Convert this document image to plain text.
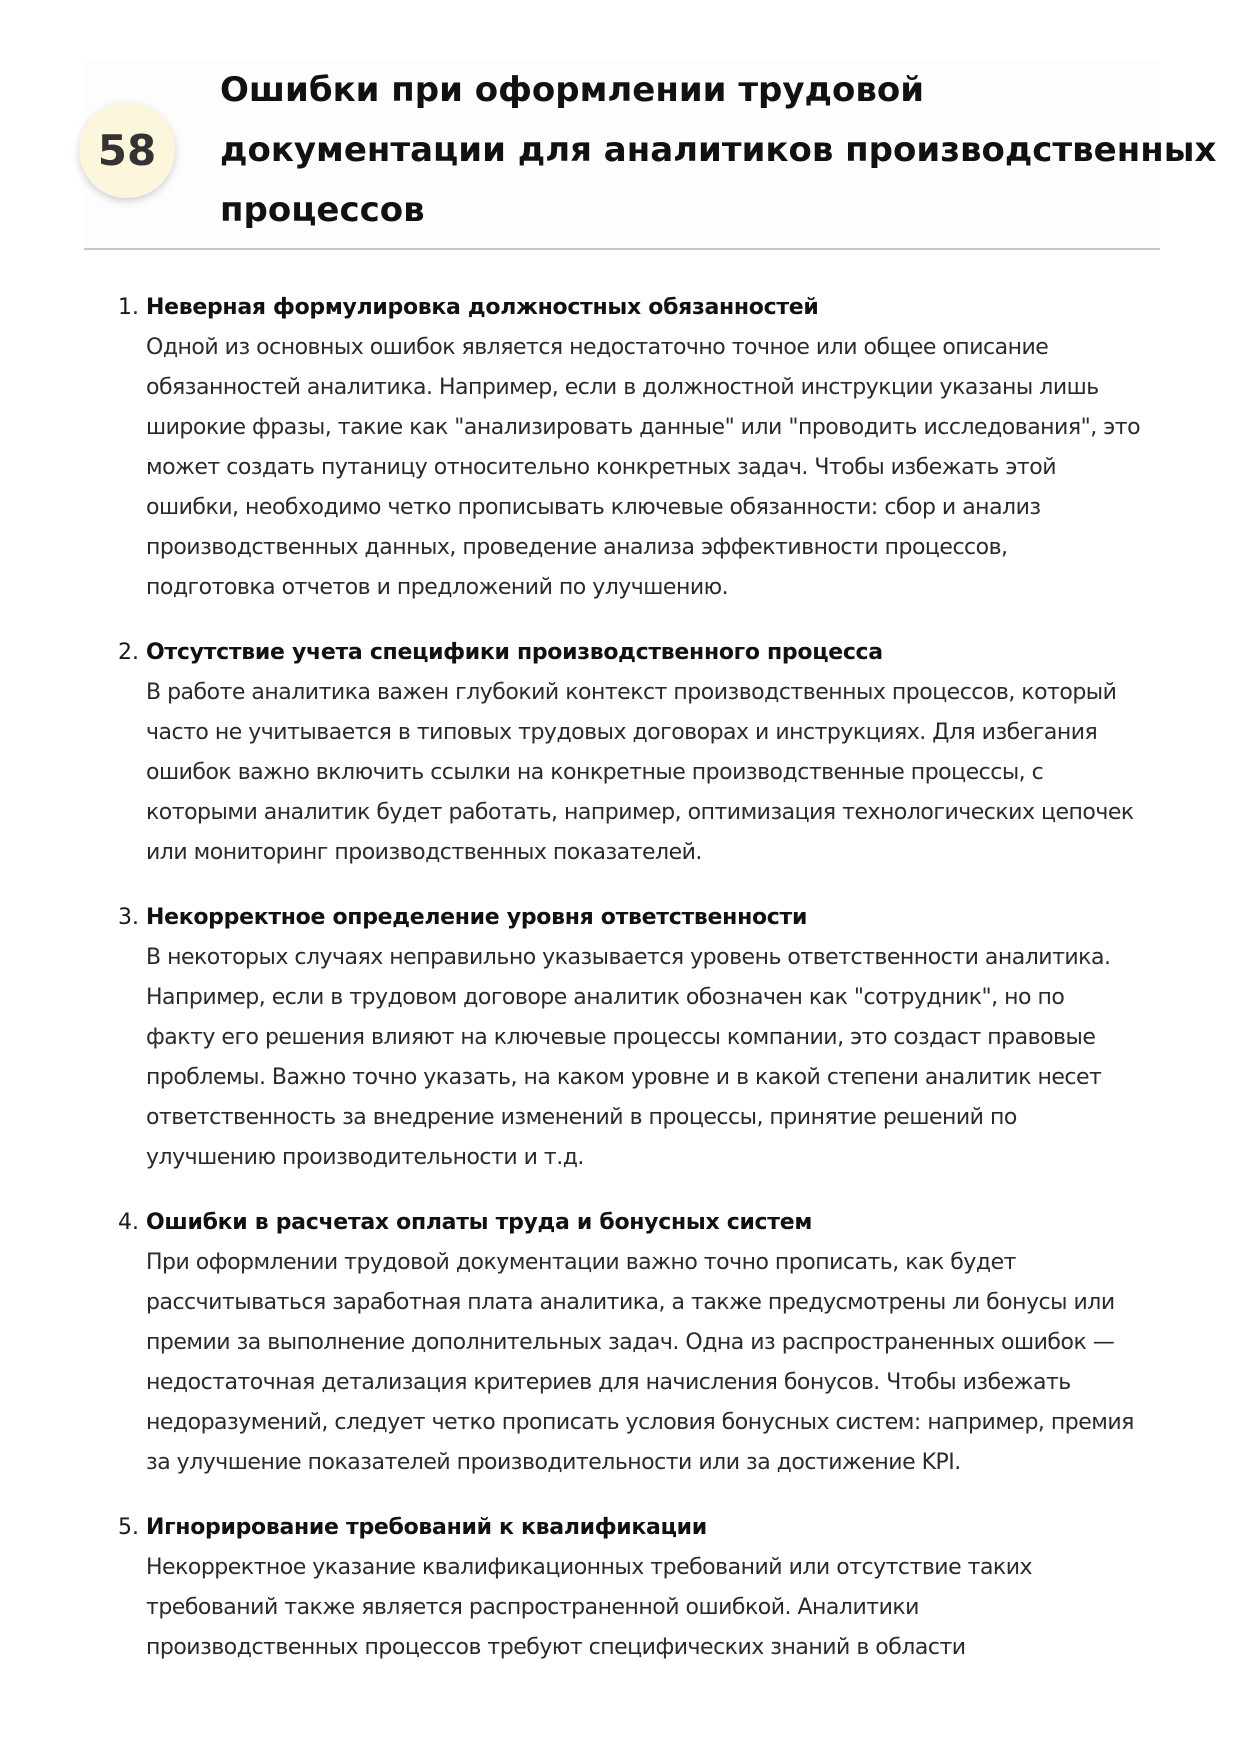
58
Ошибки при оформлении трудовой
документации для аналитиков производственных
процессов
1. Неверная формулировка должностных обязанностей
Одной из основных ошибок является недостаточно точное или общее описание
обязанностей аналитика. Например, если в должностной инструкции указаны лишь
широкие фразы, такие как "анализировать данные" или "проводить исследования", это
может создать путаницу относительно конкретных задач. Чтобы избежать этой
ошибки, необходимо четко прописывать ключевые обязанности: сбор и анализ
производственных данных, проведение анализа эффективности процессов,
подготовка отчетов и предложений по улучшению.
2. Отсутствие учета специфики производственного процесса
В работе аналитика важен глубокий контекст производственных процессов, который
часто не учитывается в типовых трудовых договорах и инструкциях. Для избегания
ошибок важно включить ссылки на конкретные производственные процессы, с
которыми аналитик будет работать, например, оптимизация технологических цепочек
или мониторинг производственных показателей.
3. Некорректное определение уровня ответственности
В некоторых случаях неправильно указывается уровень ответственности аналитика.
Например, если в трудовом договоре аналитик обозначен как "сотрудник", но по
факту его решения влияют на ключевые процессы компании, это создаст правовые
проблемы. Важно точно указать, на каком уровне и в какой степени аналитик несет
ответственность за внедрение изменений в процессы, принятие решений по
улучшению производительности и т.д.
4. Ошибки в расчетах оплаты труда и бонусных систем
При оформлении трудовой документации важно точно прописать, как будет
рассчитываться заработная плата аналитика, а также предусмотрены ли бонусы или
премии за выполнение дополнительных задач. Одна из распространенных ошибок —
недостаточная детализация критериев для начисления бонусов. Чтобы избежать
недоразумений, следует четко прописать условия бонусных систем: например, премия
за улучшение показателей производительности или за достижение KPI.
5. Игнорирование требований к квалификации
Некорректное указание квалификационных требований или отсутствие таких
требований также является распространенной ошибкой. Аналитики
производственных процессов требуют специфических знаний в области
